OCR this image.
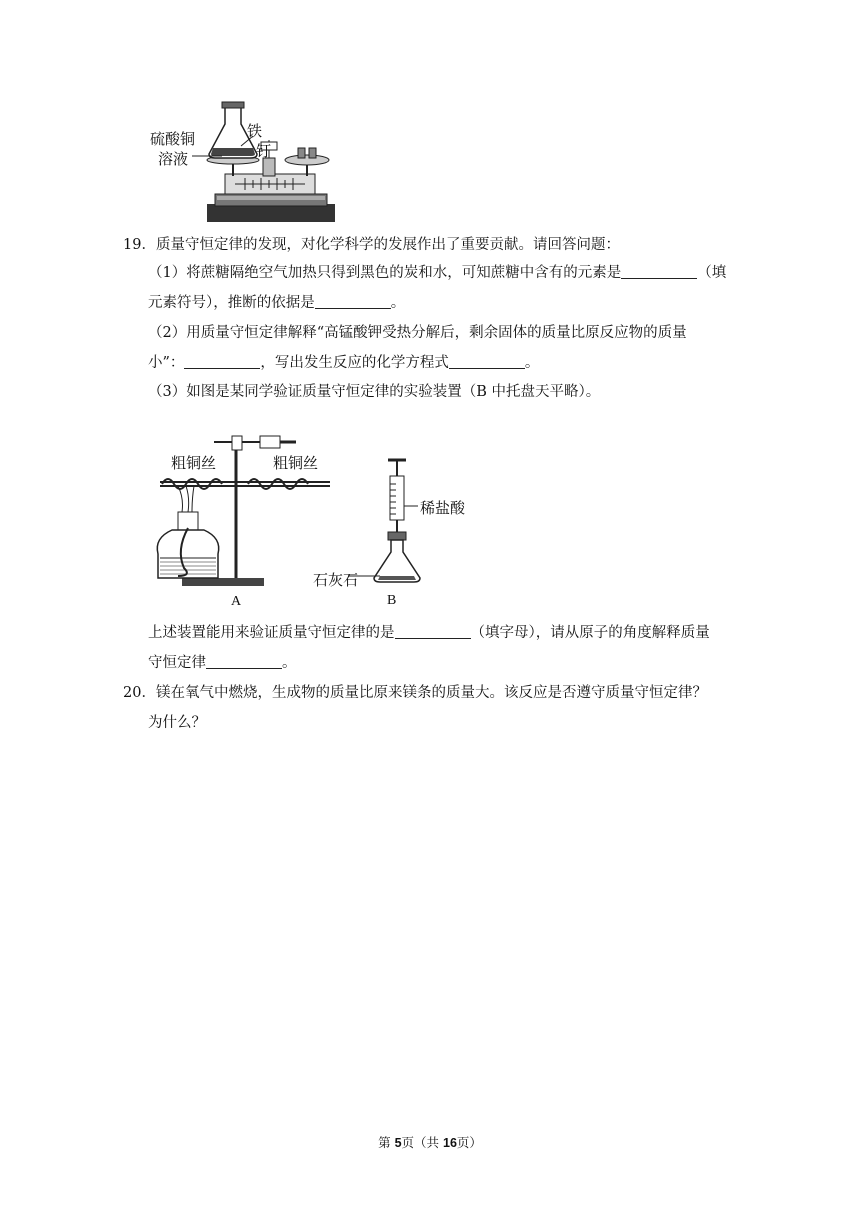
硫酸铜
溶液
铁
钉
19．质量守恒定律的发现，对化学科学的发展作出了重要贡献。请回答问题：
（1）将蔗糖隔绝空气加热只得到黑色的炭和水，可知蔗糖中含有的元素是	（填
元素符号），推断的依据是	。
（2）用质量守恒定律解释“高锰酸钾受热分解后，剩余固体的质量比原反应物的质量
小”：	，写出发生反应的化学方程式	。
（3）如图是某同学验证质量守恒定律的实验装置（B 中托盘天平略）。
粗铜丝	粗铜丝
稀盐酸
石灰石
A	B
上述装置能用来验证质量守恒定律的是	（填字母），请从原子的角度解释质量
守恒定律	。
20．镁在氧气中燃烧，生成物的质量比原来镁条的质量大。该反应是否遵守质量守恒定律？
为什么？
第 5页（共 16页）
